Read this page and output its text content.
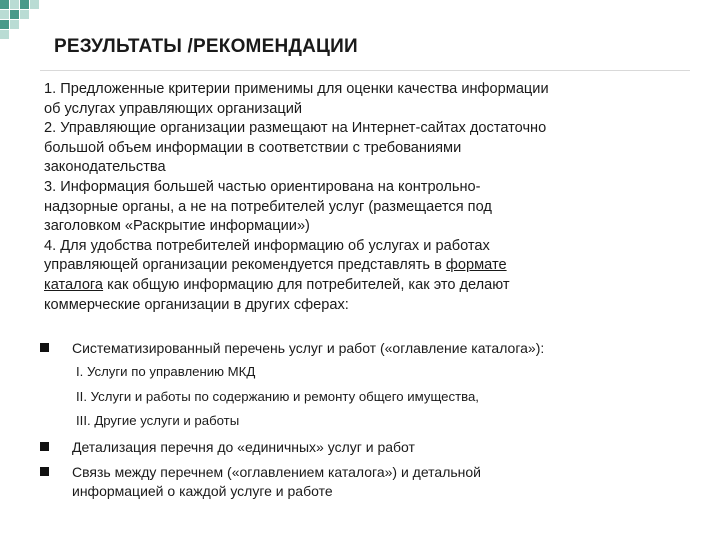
РЕЗУЛЬТАТЫ /РЕКОМЕНДАЦИИ
1. Предложенные критерии применимы для оценки качества информации
об услугах управляющих организаций
2. Управляющие организации размещают на Интернет-сайтах достаточно
большой объем информации в соответствии с требованиями
законодательства
3. Информация большей частью ориентирована на контрольно-
надзорные органы, а не на потребителей услуг (размещается под
заголовком «Раскрытие информации»)
4. Для удобства потребителей информацию об услугах и работах
управляющей организации рекомендуется представлять в формате
каталога как общую информацию для потребителей, как это делают
коммерческие организации в других сферах:
Систематизированный перечень услуг и работ («оглавление каталога»):
I. Услуги по управлению МКД
II. Услуги и работы по содержанию и ремонту общего имущества,
III. Другие услуги и работы
Детализация перечня до «единичных» услуг и работ
Связь между перечнем («оглавлением каталога») и детальной
информацией о каждой услуге и работе
